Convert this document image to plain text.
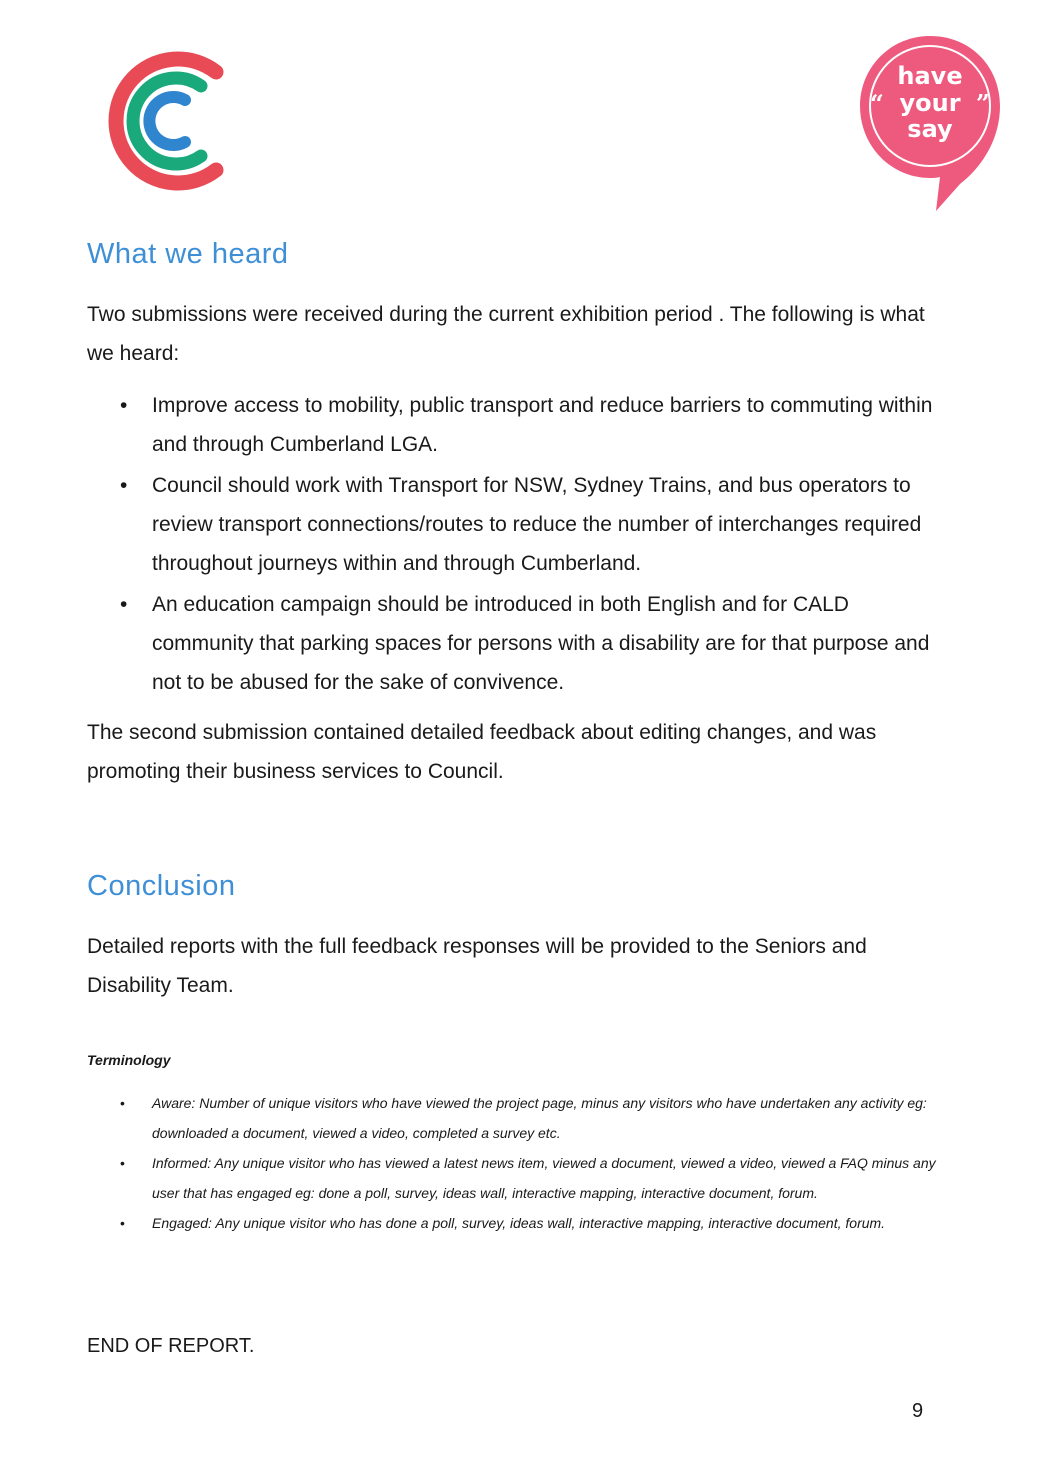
have
your
say
“	”
What we heard

Two submissions were received during the current exhibition period . The following is what we heard:

• Improve access to mobility, public transport and reduce barriers to commuting within and through Cumberland LGA.
• Council should work with Transport for NSW, Sydney Trains, and bus operators to review transport connections/routes to reduce the number of interchanges required throughout journeys within and through Cumberland.
• An education campaign should be introduced in both English and for CALD community that parking spaces for persons with a disability are for that purpose and not to be abused for the sake of convivence.

The second submission contained detailed feedback about editing changes, and was promoting their business services to Council.

Conclusion

Detailed reports with the full feedback responses will be provided to the Seniors and Disability Team.

Terminology

• Aware: Number of unique visitors who have viewed the project page, minus any visitors who have undertaken any activity eg: downloaded a document, viewed a video, completed a survey etc.
• Informed: Any unique visitor who has viewed a latest news item, viewed a document, viewed a video, viewed a FAQ minus any user that has engaged eg: done a poll, survey, ideas wall, interactive mapping, interactive document, forum.
• Engaged: Any unique visitor who has done a poll, survey, ideas wall, interactive mapping, interactive document, forum.

END OF REPORT.

9
